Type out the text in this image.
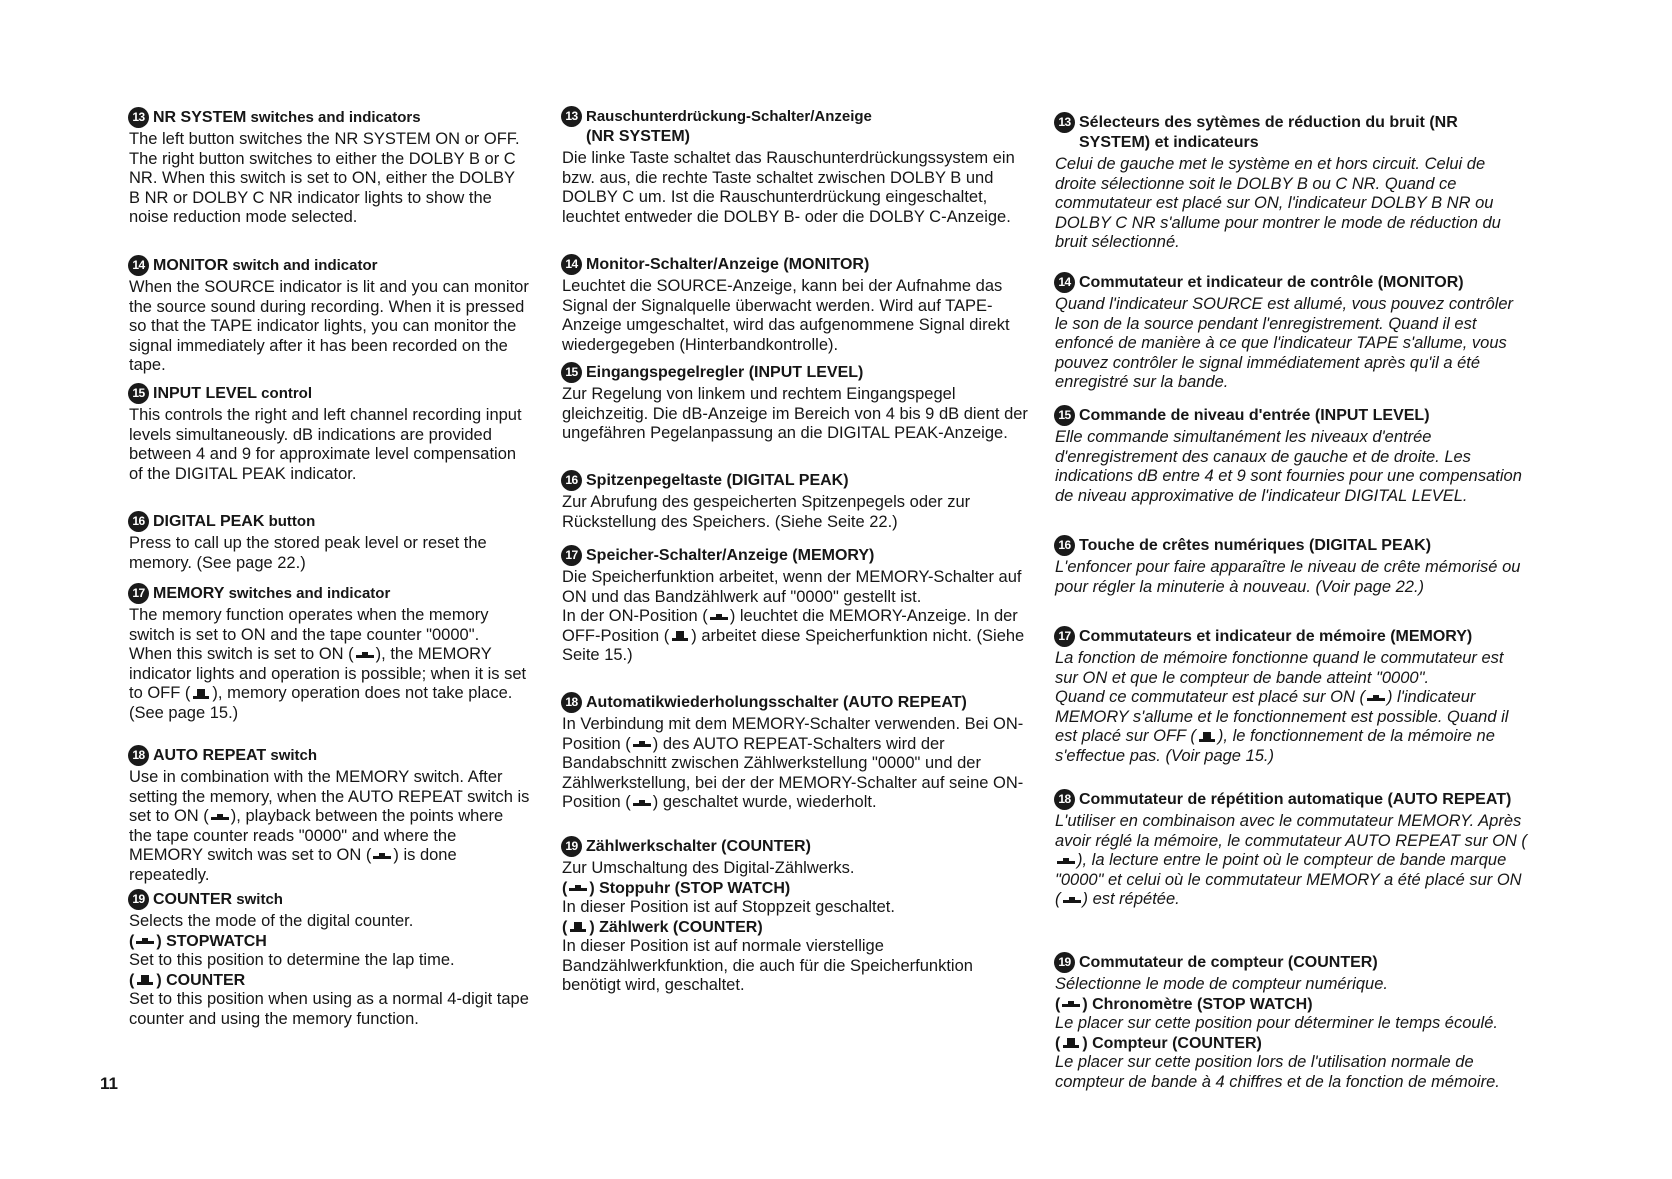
13 NR SYSTEM switches and indicators
The left button switches the NR SYSTEM ON or OFF. The right button switches to either the DOLBY B or C NR. When this switch is set to ON, either the DOLBY B NR or DOLBY C NR indicator lights to show the noise reduction mode selected.
14 MONITOR switch and indicator
When the SOURCE indicator is lit and you can monitor the source sound during recording. When it is pressed so that the TAPE indicator lights, you can monitor the signal immediately after it has been recorded on the tape.
15 INPUT LEVEL control
This controls the right and left channel recording input levels simultaneously. dB indications are provided between 4 and 9 for approximate level compensation of the DIGITAL PEAK indicator.
16 DIGITAL PEAK button
Press to call up the stored peak level or reset the memory. (See page 22.)
17 MEMORY switches and indicator

The memory function operates when the memory switch is set to ON and the tape counter "0000".

When this switch is set to ON ( ), the MEMORY indicator lights and operation is possible; when it is set to OFF ( ), memory operation does not take place. (See page 15.)

18 AUTO REPEAT switch
Use in combination with the MEMORY switch. After setting the memory, when the AUTO REPEAT switch is set to ON ( ), playback between the points where the tape counter reads "0000" and where the MEMORY switch was set to ON ( ) is done repeatedly.
19 COUNTER switch

Selects the mode of the digital counter.

( ) STOPWATCH

Set to this position to determine the lap time.

( ) COUNTER

Set to this position when using as a normal 4-digit tape counter and using the memory function.

13 Rauschunterdrückung-Schalter/Anzeige
(NR SYSTEM)
Die linke Taste schaltet das Rauschunterdrückungssystem ein bzw. aus, die rechte Taste schaltet zwischen DOLBY B und DOLBY C um. Ist die Rauschunterdrückung eingeschaltet, leuchtet entweder die DOLBY B- oder die DOLBY C-Anzeige.
14 Monitor-Schalter/Anzeige (MONITOR)
Leuchtet die SOURCE-Anzeige, kann bei der Aufnahme das Signal der Signalquelle überwacht werden. Wird auf TAPE-Anzeige umgeschaltet, wird das aufgenommene Signal direkt wiedergegeben (Hinterbandkontrolle).
15 Eingangspegelregler (INPUT LEVEL)
Zur Regelung von linkem und rechtem Eingangspegel gleichzeitig. Die dB-Anzeige im Bereich von 4 bis 9 dB dient der ungefähren Pegelanpassung an die DIGITAL PEAK-Anzeige.
16 Spitzenpegeltaste (DIGITAL PEAK)
Zur Abrufung des gespeicherten Spitzenpegels oder zur Rückstellung des Speichers. (Siehe Seite 22.)
17 Speicher-Schalter/Anzeige (MEMORY)

Die Speicherfunktion arbeitet, wenn der MEMORY-Schalter auf ON und das Bandzählwerk auf "0000" gestellt ist.

In der ON-Position ( ) leuchtet die MEMORY-Anzeige. In der OFF-Position ( ) arbeitet diese Speicherfunktion nicht. (Siehe Seite 15.)

18 Automatikwiederholungsschalter (AUTO REPEAT)
In Verbindung mit dem MEMORY-Schalter verwenden. Bei ON-Position ( ) des AUTO REPEAT-Schalters wird der Bandabschnitt zwischen Zählwerkstellung "0000" und der Zählwerkstellung, bei der der MEMORY-Schalter auf seine ON-Position ( ) geschaltet wurde, wiederholt.
19 Zählwerkschalter (COUNTER)

Zur Umschaltung des Digital-Zählwerks.

( ) Stoppuhr (STOP WATCH)

In dieser Position ist auf Stoppzeit geschaltet.

( ) Zählwerk (COUNTER)

In dieser Position ist auf normale vierstellige Bandzählwerkfunktion, die auch für die Speicherfunktion benötigt wird, geschaltet.

13 Sélecteurs des sytèmes de réduction du bruit (NR SYSTEM) et indicateurs
Celui de gauche met le système en et hors circuit. Celui de droite sélectionne soit le DOLBY B ou C NR. Quand ce commutateur est placé sur ON, l'indicateur DOLBY B NR ou DOLBY C NR s'allume pour montrer le mode de réduction du bruit sélectionné.
14 Commutateur et indicateur de contrôle (MONITOR)
Quand l'indicateur SOURCE est allumé, vous pouvez contrôler le son de la source pendant l'enregistrement. Quand il est enfoncé de manière à ce que l'indicateur TAPE s'allume, vous pouvez contrôler le signal immédiatement après qu'il a été enregistré sur la bande.
15 Commande de niveau d'entrée (INPUT LEVEL)
Elle commande simultanément les niveaux d'entrée d'enregistrement des canaux de gauche et de droite. Les indications dB entre 4 et 9 sont fournies pour une compensation de niveau approximative de l'indicateur DIGITAL LEVEL.
16 Touche de crêtes numériques (DIGITAL PEAK)
L'enfoncer pour faire apparaître le niveau de crête mémorisé ou pour régler la minuterie à nouveau. (Voir page 22.)
17 Commutateurs et indicateur de mémoire (MEMORY)

La fonction de mémoire fonctionne quand le commutateur est sur ON et que le compteur de bande atteint "0000".

Quand ce commutateur est placé sur ON ( ) l'indicateur MEMORY s'allume et le fonctionnement est possible. Quand il est placé sur OFF ( ), le fonctionnement de la mémoire ne s'effectue pas. (Voir page 15.)

18 Commutateur de répétition automatique (AUTO REPEAT)
L'utiliser en combinaison avec le commutateur MEMORY. Après avoir réglé la mémoire, le commutateur AUTO REPEAT sur ON (), la lecture entre le point où le compteur de bande marque "0000" et celui où le commutateur MEMORY a été placé sur ON ( ) est répétée.
19 Commutateur de compteur (COUNTER)

Sélectionne le mode de compteur numérique.

( ) Chronomètre (STOP WATCH)

Le placer sur cette position pour déterminer le temps écoulé.

( ) Compteur (COUNTER)

Le placer sur cette position lors de l'utilisation normale de compteur de bande à 4 chiffres et de la fonction de mémoire.

11
